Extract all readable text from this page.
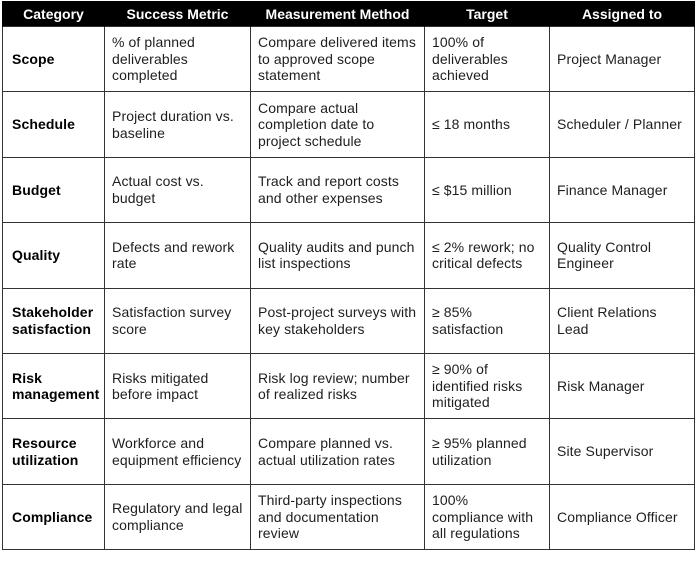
Category	Success Metric	Measurement Method	Target	Assigned to
Scope	% of planned deliverables completed	Compare delivered items to approved scope statement	100% of deliverables achieved	Project Manager
Schedule	Project duration vs. baseline	Compare actual completion date to project schedule	≤ 18 months	Scheduler / Planner
Budget	Actual cost vs. budget	Track and report costs and other expenses	≤ $15 million	Finance Manager
Quality	Defects and rework rate	Quality audits and punch list inspections	≤ 2% rework; no critical defects	Quality Control Engineer
Stakeholder satisfaction	Satisfaction survey score	Post-project surveys with key stakeholders	≥ 85% satisfaction	Client Relations Lead
Risk management	Risks mitigated before impact	Risk log review; number of realized risks	≥ 90% of identified risks mitigated	Risk Manager
Resource utilization	Workforce and equipment efficiency	Compare planned vs. actual utilization rates	≥ 95% planned utilization	Site Supervisor
Compliance	Regulatory and legal compliance	Third-party inspections and documentation review	100% compliance with all regulations	Compliance Officer
